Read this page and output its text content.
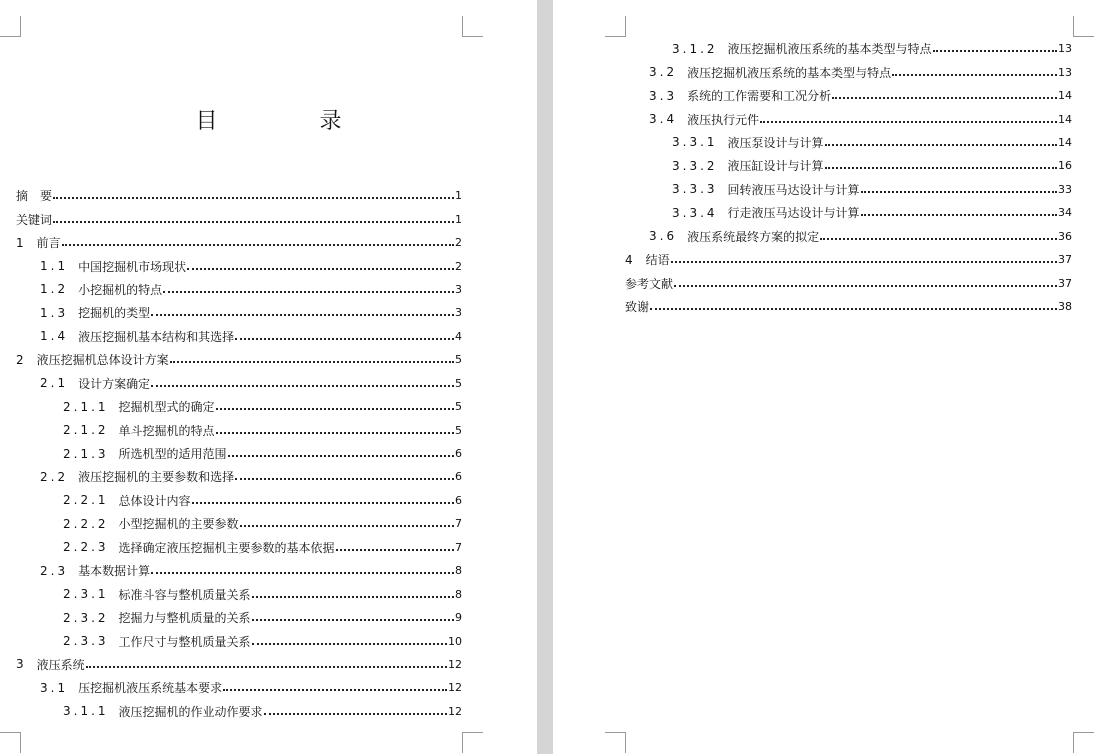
目　录
摘　要	1
关键词	1
1 前言	2
1.1 中国挖掘机市场现状	2
1.2 小挖掘机的特点	3
1.3 挖掘机的类型	3
1.4 液压挖掘机基本结构和其选择	4
2 液压挖掘机总体设计方案	5
2.1 设计方案确定	5
2.1.1 挖掘机型式的确定	5
2.1.2 单斗挖掘机的特点	5
2.1.3 所选机型的适用范围	6
2.2 液压挖掘机的主要参数和选择	6
2.2.1 总体设计内容	6
2.2.2 小型挖掘机的主要参数	7
2.2.3 选择确定液压挖掘机主要参数的基本依据	7
2.3 基本数据计算	8
2.3.1 标准斗容与整机质量关系	8
2.3.2 挖掘力与整机质量的关系	9
2.3.3 工作尺寸与整机质量关系	10
3 液压系统	12
3.1 压挖掘机液压系统基本要求	12
3.1.1 液压挖掘机的作业动作要求	12
3.1.2 液压挖掘机液压系统的基本类型与特点	13
3.2 液压挖掘机液压系统的基本类型与特点	13
3.3 系统的工作需要和工况分析	14
3.4 液压执行元件	14
3.3.1 液压泵设计与计算	14
3.3.2 液压缸设计与计算	16
3.3.3 回转液压马达设计与计算	33
3.3.4 行走液压马达设计与计算	34
3.6 液压系统最终方案的拟定	36
4 结语	37
参考文献	37
致谢	38
